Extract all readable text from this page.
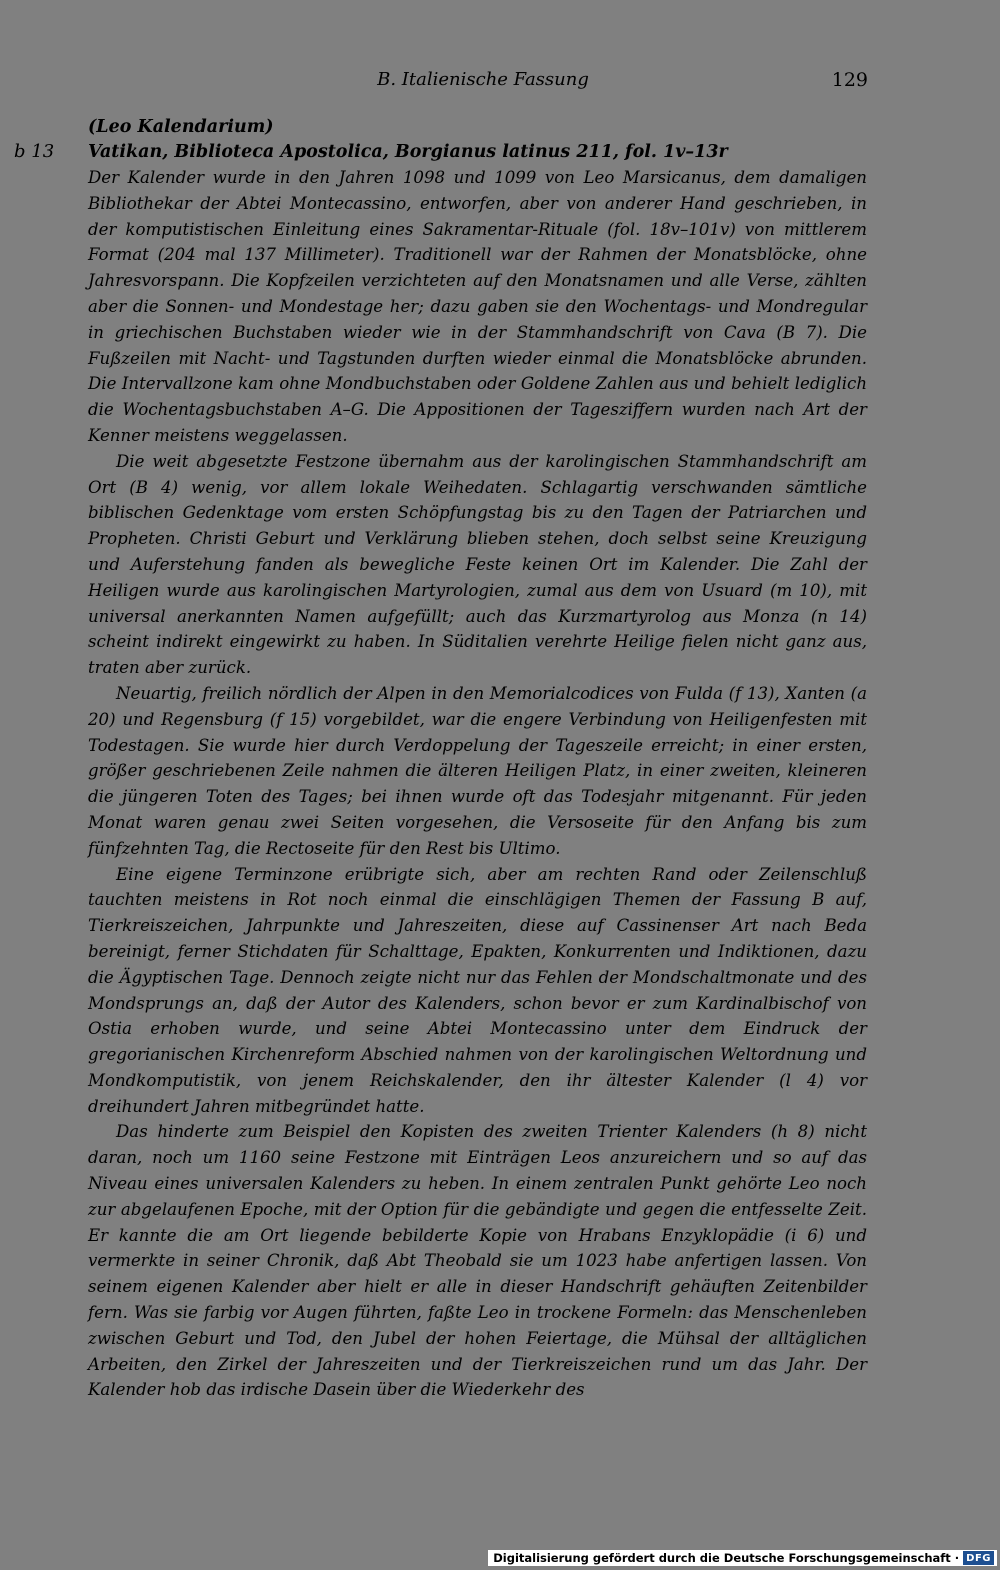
B. Italienische Fassung	129
(Leo Kalendarium)
b 13 Vatikan, Biblioteca Apostolica, Borgianus latinus 211, fol. 1v–13r

Der Kalender wurde in den Jahren 1098 und 1099 von Leo Marsicanus, dem damaligen Bibliothekar der Abtei Montecassino, entworfen, aber von anderer Hand geschrieben, in der komputistischen Einleitung eines Sakramentar-Rituale (fol. 18v–101v) von mittlerem Format (204 mal 137 Millimeter). Traditionell war der Rahmen der Monatsblöcke, ohne Jahresvorspann. Die Kopfzeilen verzichteten auf den Monatsnamen und alle Verse, zählten aber die Sonnen- und Mondestage her; dazu gaben sie den Wochentags- und Mondregular in griechischen Buchstaben wieder wie in der Stammhandschrift von Cava (B 7). Die Fußzeilen mit Nacht- und Tagstunden durften wieder einmal die Monatsblöcke abrunden. Die Intervallzone kam ohne Mondbuchstaben oder Goldene Zahlen aus und behielt lediglich die Wochentagsbuchstaben A–G. Die Appositionen der Tagesziffern wurden nach Art der Kenner meistens weggelassen.

Die weit abgesetzte Festzone übernahm aus der karolingischen Stammhandschrift am Ort (B 4) wenig, vor allem lokale Weihedaten. Schlagartig verschwanden sämtliche biblischen Gedenktage vom ersten Schöpfungstag bis zu den Tagen der Patriarchen und Propheten. Christi Geburt und Verklärung blieben stehen, doch selbst seine Kreuzigung und Auferstehung fanden als bewegliche Feste keinen Ort im Kalender. Die Zahl der Heiligen wurde aus karolingischen Martyrologien, zumal aus dem von Usuard (m 10), mit universal anerkannten Namen aufgefüllt; auch das Kurzmartyrolog aus Monza (n 14) scheint indirekt eingewirkt zu haben. In Süditalien verehrte Heilige fielen nicht ganz aus, traten aber zurück.

Neuartig, freilich nördlich der Alpen in den Memorialcodices von Fulda (f 13), Xanten (a 20) und Regensburg (f 15) vorgebildet, war die engere Verbindung von Heiligenfesten mit Todestagen. Sie wurde hier durch Verdoppelung der Tageszeile erreicht; in einer ersten, größer geschriebenen Zeile nahmen die älteren Heiligen Platz, in einer zweiten, kleineren die jüngeren Toten des Tages; bei ihnen wurde oft das Todesjahr mitgenannt. Für jeden Monat waren genau zwei Seiten vorgesehen, die Versoseite für den Anfang bis zum fünfzehnten Tag, die Rectoseite für den Rest bis Ultimo.

Eine eigene Terminzone erübrigte sich, aber am rechten Rand oder Zeilenschluß tauchten meistens in Rot noch einmal die einschlägigen Themen der Fassung B auf, Tierkreiszeichen, Jahrpunkte und Jahreszeiten, diese auf Cassinenser Art nach Beda bereinigt, ferner Stichdaten für Schalttage, Epakten, Konkurrenten und Indiktionen, dazu die Ägyptischen Tage. Dennoch zeigte nicht nur das Fehlen der Mondschaltmonate und des Mondsprungs an, daß der Autor des Kalenders, schon bevor er zum Kardinalbischof von Ostia erhoben wurde, und seine Abtei Montecassino unter dem Eindruck der gregorianischen Kirchenreform Abschied nahmen von der karolingischen Weltordnung und Mondkomputistik, von jenem Reichskalender, den ihr ältester Kalender (l 4) vor dreihundert Jahren mitbegründet hatte.

Das hinderte zum Beispiel den Kopisten des zweiten Trienter Kalenders (h 8) nicht daran, noch um 1160 seine Festzone mit Einträgen Leos anzureichern und so auf das Niveau eines universalen Kalenders zu heben. In einem zentralen Punkt gehörte Leo noch zur abgelaufenen Epoche, mit der Option für die gebändigte und gegen die entfesselte Zeit. Er kannte die am Ort liegende bebilderte Kopie von Hrabans Enzyklopädie (i 6) und vermerkte in seiner Chronik, daß Abt Theobald sie um 1023 habe anfertigen lassen. Von seinem eigenen Kalender aber hielt er alle in dieser Handschrift gehäuften Zeitenbilder fern. Was sie farbig vor Augen führten, faßte Leo in trockene Formeln: das Menschenleben zwischen Geburt und Tod, den Jubel der hohen Feiertage, die Mühsal der alltäglichen Arbeiten, den Zirkel der Jahreszeiten und der Tierkreiszeichen rund um das Jahr. Der Kalender hob das irdische Dasein über die Wiederkehr des

Digitalisierung gefördert durch die Deutsche Forschungsgemeinschaft · DFG
